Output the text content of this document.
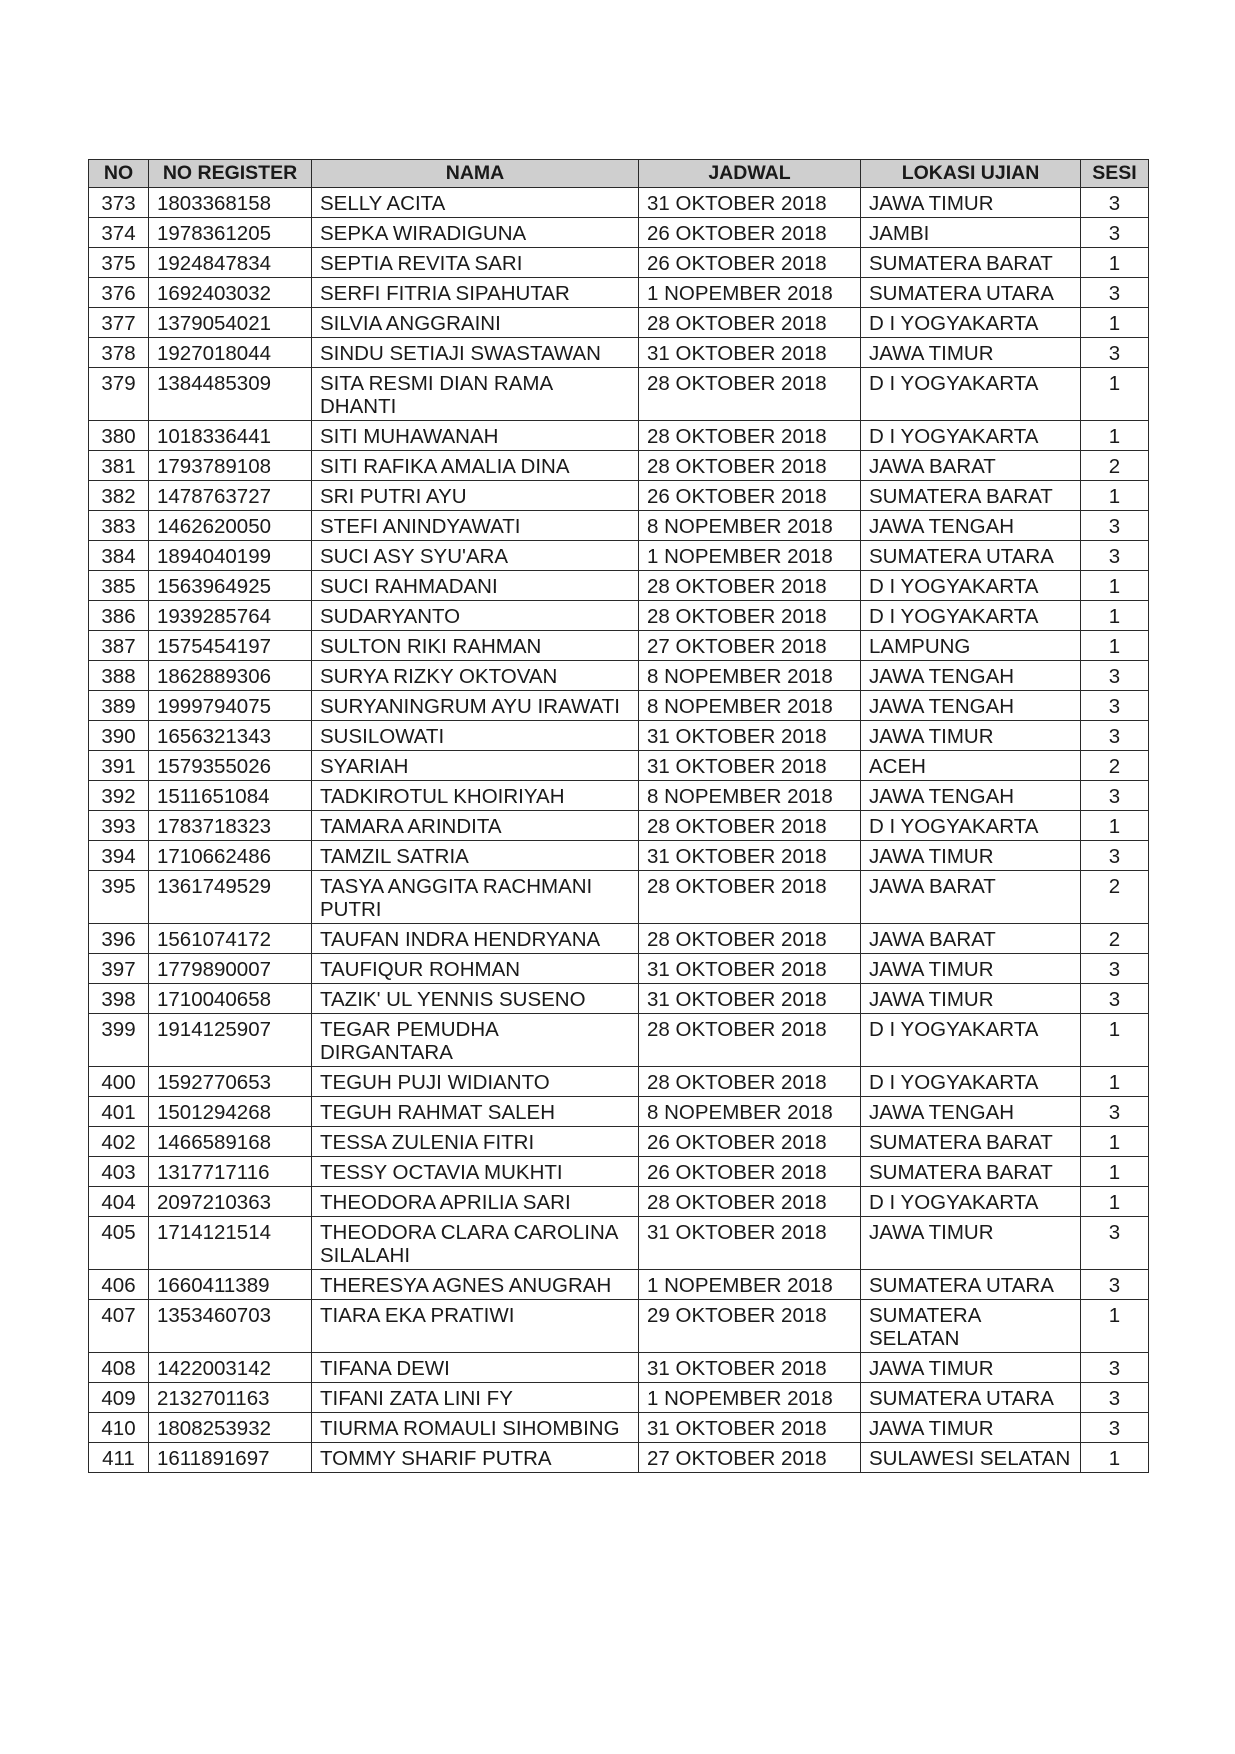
NO	NO REGISTER	NAMA	JADWAL	LOKASI UJIAN	SESI
373	1803368158	SELLY ACITA	31 OKTOBER 2018	JAWA TIMUR	3
374	1978361205	SEPKA WIRADIGUNA	26 OKTOBER 2018	JAMBI	3
375	1924847834	SEPTIA REVITA SARI	26 OKTOBER 2018	SUMATERA BARAT	1
376	1692403032	SERFI FITRIA SIPAHUTAR	1 NOPEMBER 2018	SUMATERA UTARA	3
377	1379054021	SILVIA ANGGRAINI	28 OKTOBER 2018	D I YOGYAKARTA	1
378	1927018044	SINDU SETIAJI SWASTAWAN	31 OKTOBER 2018	JAWA TIMUR	3
379	1384485309	SITA RESMI DIAN RAMA DHANTI	28 OKTOBER 2018	D I YOGYAKARTA	1
380	1018336441	SITI MUHAWANAH	28 OKTOBER 2018	D I YOGYAKARTA	1
381	1793789108	SITI RAFIKA AMALIA DINA	28 OKTOBER 2018	JAWA BARAT	2
382	1478763727	SRI PUTRI AYU	26 OKTOBER 2018	SUMATERA BARAT	1
383	1462620050	STEFI ANINDYAWATI	8 NOPEMBER 2018	JAWA TENGAH	3
384	1894040199	SUCI ASY SYU'ARA	1 NOPEMBER 2018	SUMATERA UTARA	3
385	1563964925	SUCI RAHMADANI	28 OKTOBER 2018	D I YOGYAKARTA	1
386	1939285764	SUDARYANTO	28 OKTOBER 2018	D I YOGYAKARTA	1
387	1575454197	SULTON RIKI RAHMAN	27 OKTOBER 2018	LAMPUNG	1
388	1862889306	SURYA RIZKY OKTOVAN	8 NOPEMBER 2018	JAWA TENGAH	3
389	1999794075	SURYANINGRUM AYU IRAWATI	8 NOPEMBER 2018	JAWA TENGAH	3
390	1656321343	SUSILOWATI	31 OKTOBER 2018	JAWA TIMUR	3
391	1579355026	SYARIAH	31 OKTOBER 2018	ACEH	2
392	1511651084	TADKIROTUL KHOIRIYAH	8 NOPEMBER 2018	JAWA TENGAH	3
393	1783718323	TAMARA ARINDITA	28 OKTOBER 2018	D I YOGYAKARTA	1
394	1710662486	TAMZIL SATRIA	31 OKTOBER 2018	JAWA TIMUR	3
395	1361749529	TASYA ANGGITA RACHMANI PUTRI	28 OKTOBER 2018	JAWA BARAT	2
396	1561074172	TAUFAN INDRA HENDRYANA	28 OKTOBER 2018	JAWA BARAT	2
397	1779890007	TAUFIQUR ROHMAN	31 OKTOBER 2018	JAWA TIMUR	3
398	1710040658	TAZIK' UL YENNIS SUSENO	31 OKTOBER 2018	JAWA TIMUR	3
399	1914125907	TEGAR PEMUDHA DIRGANTARA	28 OKTOBER 2018	D I YOGYAKARTA	1
400	1592770653	TEGUH PUJI WIDIANTO	28 OKTOBER 2018	D I YOGYAKARTA	1
401	1501294268	TEGUH RAHMAT SALEH	8 NOPEMBER 2018	JAWA TENGAH	3
402	1466589168	TESSA ZULENIA FITRI	26 OKTOBER 2018	SUMATERA BARAT	1
403	1317717116	TESSY OCTAVIA MUKHTI	26 OKTOBER 2018	SUMATERA BARAT	1
404	2097210363	THEODORA APRILIA SARI	28 OKTOBER 2018	D I YOGYAKARTA	1
405	1714121514	THEODORA CLARA CAROLINA SILALAHI	31 OKTOBER 2018	JAWA TIMUR	3
406	1660411389	THERESYA AGNES ANUGRAH	1 NOPEMBER 2018	SUMATERA UTARA	3
407	1353460703	TIARA EKA PRATIWI	29 OKTOBER 2018	SUMATERA SELATAN	1
408	1422003142	TIFANA DEWI	31 OKTOBER 2018	JAWA TIMUR	3
409	2132701163	TIFANI ZATA LINI FY	1 NOPEMBER 2018	SUMATERA UTARA	3
410	1808253932	TIURMA ROMAULI SIHOMBING	31 OKTOBER 2018	JAWA TIMUR	3
411	1611891697	TOMMY SHARIF PUTRA	27 OKTOBER 2018	SULAWESI SELATAN	1
